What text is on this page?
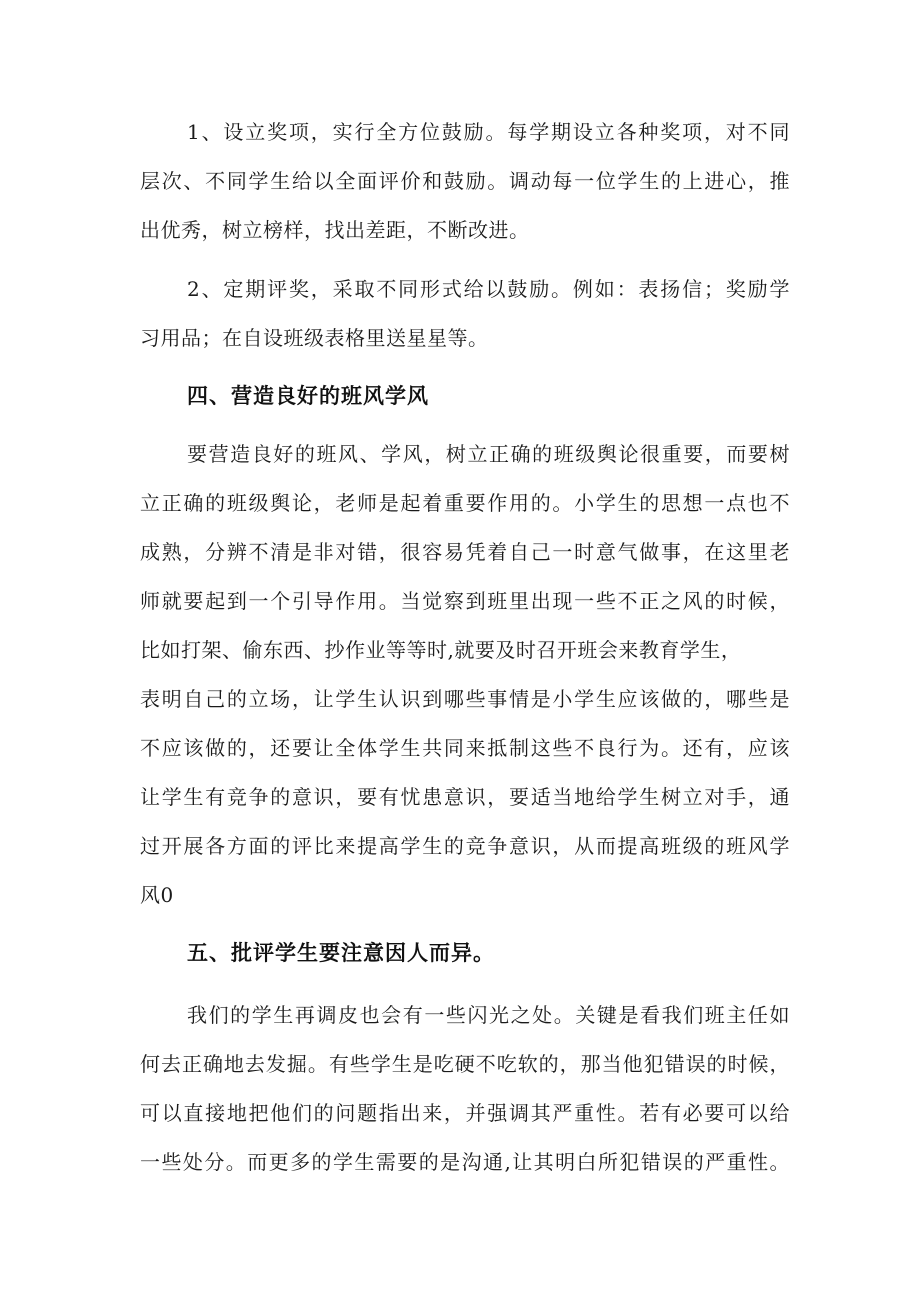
1、设立奖项，实行全方位鼓励。每学期设立各种奖项，对不同

层次、不同学生给以全面评价和鼓励。调动每一位学生的上进心，推

出优秀，树立榜样，找出差距，不断改进。

2、定期评奖，采取不同形式给以鼓励。例如：表扬信；奖励学

习用品；在自设班级表格里送星星等。

四、营造良好的班风学风

要营造良好的班风、学风，树立正确的班级舆论很重要，而要树

立正确的班级舆论，老师是起着重要作用的。小学生的思想一点也不

成熟，分辨不清是非对错，很容易凭着自己一时意气做事，在这里老

师就要起到一个引导作用。当觉察到班里出现一些不正之风的时候，

比如打架、偷东西、抄作业等等时,就要及时召开班会来教育学生，

表明自己的立场，让学生认识到哪些事情是小学生应该做的，哪些是

不应该做的，还要让全体学生共同来抵制这些不良行为。还有，应该

让学生有竞争的意识，要有忧患意识，要适当地给学生树立对手，通

过开展各方面的评比来提高学生的竞争意识，从而提高班级的班风学

风0

五、批评学生要注意因人而异。

我们的学生再调皮也会有一些闪光之处。关键是看我们班主任如

何去正确地去发掘。有些学生是吃硬不吃软的，那当他犯错误的时候，

可以直接地把他们的问题指出来，并强调其严重性。若有必要可以给

一些处分。而更多的学生需要的是沟通,让其明白所犯错误的严重性。
